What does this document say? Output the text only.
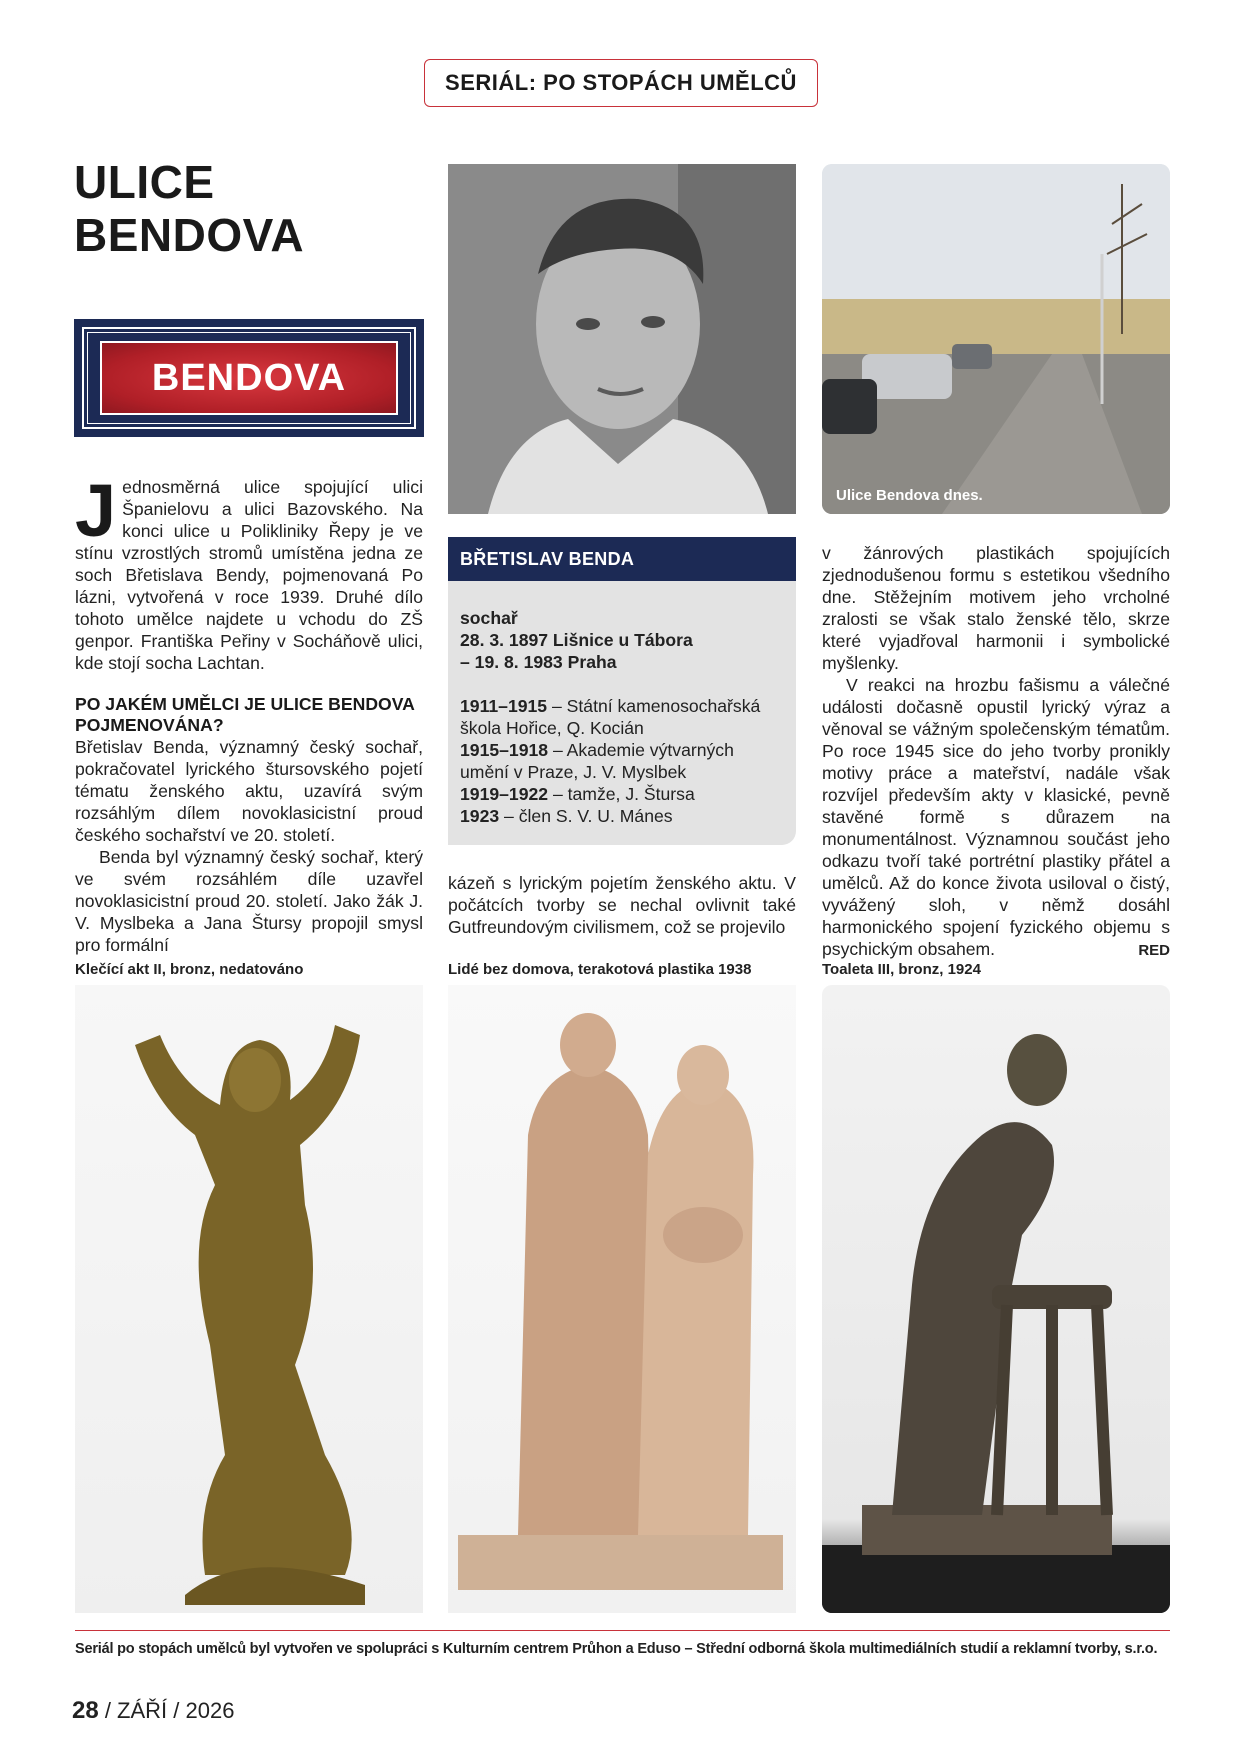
SERIÁL: PO STOPÁCH UMĚLCŮ
ULICE
BENDOVA
BENDOVA
J ednosměrná ulice spojující ulici Španielovu a ulici Bazovského. Na konci ulice u Polikliniky Řepy je ve stínu vzrostlých stromů umístěna jedna ze soch Břetislava Bendy, pojmenovaná Po lázni, vytvořená v roce 1939. Druhé dílo tohoto umělce najdete u vchodu do ZŠ genpor. Františka Peřiny v Socháňově ulici, kde stojí socha Lachtan.

PO JAKÉM UMĚLCI JE ULICE BENDOVA POJMENOVÁNA?

Břetislav Benda, významný český sochař, pokračovatel lyrického štursovského pojetí tématu ženského aktu, uzavírá svým rozsáhlým dílem novoklasicistní proud českého sochařství ve 20. století.

Benda byl významný český sochař, který ve svém rozsáhlém díle uzavřel novoklasicistní proud 20. století. Jako žák J. V. Myslbeka a Jana Štursy propojil smysl pro formální

Ulice Bendova dnes.
BŘETISLAV BENDA
sochař
28. 3. 1897 Lišnice u Tábora
– 19. 8. 1983 Praha
1911–1915 – Státní kamenosochařská škola Hořice, Q. Kocián
1915–1918 – Akademie výtvarných umění v Praze, J. V. Myslbek
1919–1922 – tamže, J. Štursa
1923 – člen S. V. U. Mánes

kázeň s lyrickým pojetím ženského aktu. V počátcích tvorby se nechal ovlivnit také Gutfreundovým civilismem, což se projevilo

v žánrových plastikách spojujících zjednodušenou formu s estetikou všedního dne. Stěžejním motivem jeho vrcholné zralosti se však stalo ženské tělo, skrze které vyjadřoval harmonii i symbolické myšlenky.

V reakci na hrozbu fašismu a válečné události dočasně opustil lyrický výraz a věnoval se vážným společenským tématům. Po roce 1945 sice do jeho tvorby pronikly motivy práce a mateřství, nadále však rozvíjel především akty v klasické, pevně stavěné formě s důrazem na monumentálnost. Významnou součást jeho odkazu tvoří také portrétní plastiky přátel a umělců. Až do konce života usiloval o čistý, vyvážený sloh, v němž dosáhl harmonického spojení fyzického objemu s psychickým obsahem.	RED
Klečící akt II, bronz, nedatováno	Lidé bez domova, terakotová plastika 1938	Toaleta III, bronz, 1924
Seriál po stopách umělců byl vytvořen ve spolupráci s Kulturním centrem Průhon a Eduso – Střední odborná škola multimediálních studií a reklamní tvorby, s.r.o.
28 / ZÁŘÍ / 2026
